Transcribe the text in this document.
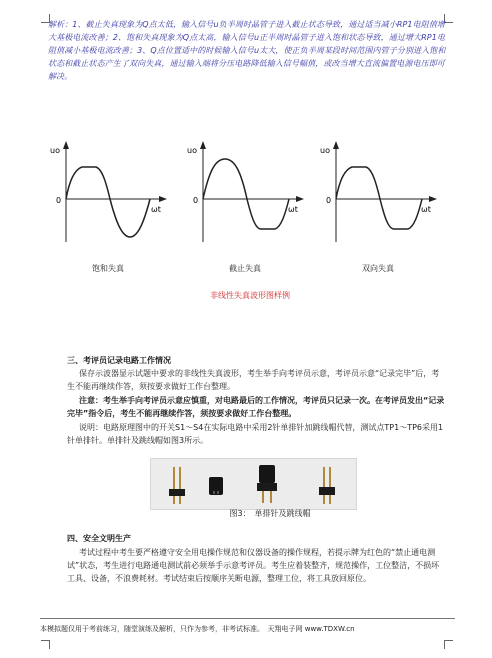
解析：1、截止失真现象为Q点太低，输入信号u负半周时晶管子进入截止状态导致，通过适当减小RP1电阻值增大基极电流改善；2、饱和失真现象为Q点太高，输入信号u正半周时晶管子进入饱和状态导致，通过增大RP1电阻值减小基极电流改善；3、Q点位置适中的时候输入信号u太大，使正负半周某段时间范围内管子分别进入饱和状态和截止状态产生了双向失真，通过输入端将分压电路降低输入信号幅值，或改当增大直流偏置电源电压即可解决。
uo
0
ωt
uo
0
ωt
uo
0
ωt
饱和失真	截止失真	双向失真
非线性失真波形图样例
三、考评员记录电路工作情况
保存示波器显示试题中要求的非线性失真波形，考生举手向考评员示意，考评员示意“记录完毕”后，考生不能再继续作答，须按要求做好工作台整理。
注意：考生举手向考评员示意应慎重，对电路最后的工作情况，考评员只记录一次。在考评员发出“记录完毕”指令后，考生不能再继续作答，须按要求做好工作台整理。
说明：电路原理图中的开关S1～S4在实际电路中采用2针单排针加跳线帽代替，测试点TP1～TP6采用1针单排针。单排针及跳线帽如图3所示。
图3：　单排针及跳线帽
四、安全文明生产
考试过程中考生要严格遵守安全用电操作规范和仪器设备的操作规程，若提示牌为红色的“禁止通电测试”状态，考生进行电路通电测试前必须举手示意考评员。考生应着装整齐，规范操作，工位整洁，不损坏工具、设备，不浪费耗材。考试结束后按顺序关断电源，整理工位，将工具放回原位。
本模拟题仅用于考前练习，随堂演练及解析，只作为参考，非考试标准。　天翔电子网 www.TDXW.cn
